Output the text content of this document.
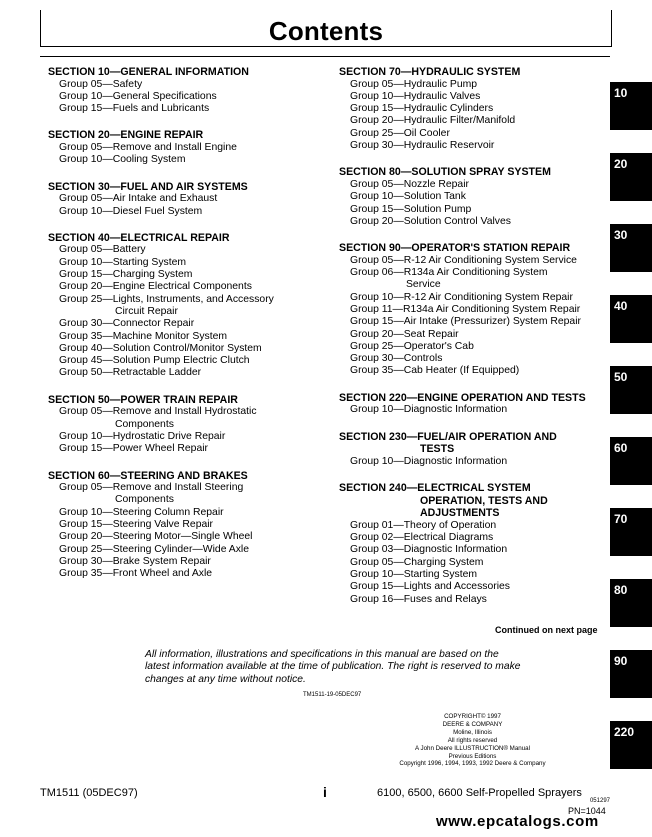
Contents
SECTION 10—GENERAL INFORMATION
Group 05—Safety
Group 10—General Specifications
Group 15—Fuels and Lubricants
SECTION 20—ENGINE REPAIR
Group 05—Remove and Install Engine
Group 10—Cooling System
SECTION 30—FUEL AND AIR SYSTEMS
Group 05—Air Intake and Exhaust
Group 10—Diesel Fuel System
SECTION 40—ELECTRICAL REPAIR
Group 05—Battery
Group 10—Starting System
Group 15—Charging System
Group 20—Engine Electrical Components
Group 25—Lights, Instruments, and Accessory
Circuit Repair
Group 30—Connector Repair
Group 35—Machine Monitor System
Group 40—Solution Control/Monitor System
Group 45—Solution Pump Electric Clutch
Group 50—Retractable Ladder
SECTION 50—POWER TRAIN REPAIR
Group 05—Remove and Install Hydrostatic
Components
Group 10—Hydrostatic Drive Repair
Group 15—Power Wheel Repair
SECTION 60—STEERING AND BRAKES
Group 05—Remove and Install Steering
Components
Group 10—Steering Column Repair
Group 15—Steering Valve Repair
Group 20—Steering Motor—Single Wheel
Group 25—Steering Cylinder—Wide Axle
Group 30—Brake System Repair
Group 35—Front Wheel and Axle
SECTION 70—HYDRAULIC SYSTEM
Group 05—Hydraulic Pump
Group 10—Hydraulic Valves
Group 15—Hydraulic Cylinders
Group 20—Hydraulic Filter/Manifold
Group 25—Oil Cooler
Group 30—Hydraulic Reservoir
SECTION 80—SOLUTION SPRAY SYSTEM
Group 05—Nozzle Repair
Group 10—Solution Tank
Group 15—Solution Pump
Group 20—Solution Control Valves
SECTION 90—OPERATOR'S STATION REPAIR
Group 05—R-12 Air Conditioning System Service
Group 06—R134a Air Conditioning System
Service
Group 10—R-12 Air Conditioning System Repair
Group 11—R134a Air Conditioning System Repair
Group 15—Air Intake (Pressurizer) System Repair
Group 20—Seat Repair
Group 25—Operator's Cab
Group 30—Controls
Group 35—Cab Heater (If Equipped)
SECTION 220—ENGINE OPERATION AND TESTS
Group 10—Diagnostic Information
SECTION 230—FUEL/AIR OPERATION AND
TESTS
Group 10—Diagnostic Information
SECTION 240—ELECTRICAL SYSTEM
OPERATION, TESTS AND ADJUSTMENTS
Group 01—Theory of Operation
Group 02—Electrical Diagrams
Group 03—Diagnostic Information
Group 05—Charging System
Group 10—Starting System
Group 15—Lights and Accessories
Group 16—Fuses and Relays
10
20
30
40
50
60
70
80
90
220
Continued on next page
All information, illustrations and specifications in this manual are based on the latest information available at the time of publication. The right is reserved to make changes at any time without notice.
TM1511-19-05DEC97
COPYRIGHT© 1997
DEERE & COMPANY
Moline, Illinois
All rights reserved
A John Deere ILLUSTRUCTION® Manual
Previous Editions
Copyright 1996, 1994, 1993, 1992 Deere & Company
TM1511 (05DEC97)	i	6100, 6500, 6600 Self-Propelled Sprayers
051297
PN=1044
www.epcatalogs.com
